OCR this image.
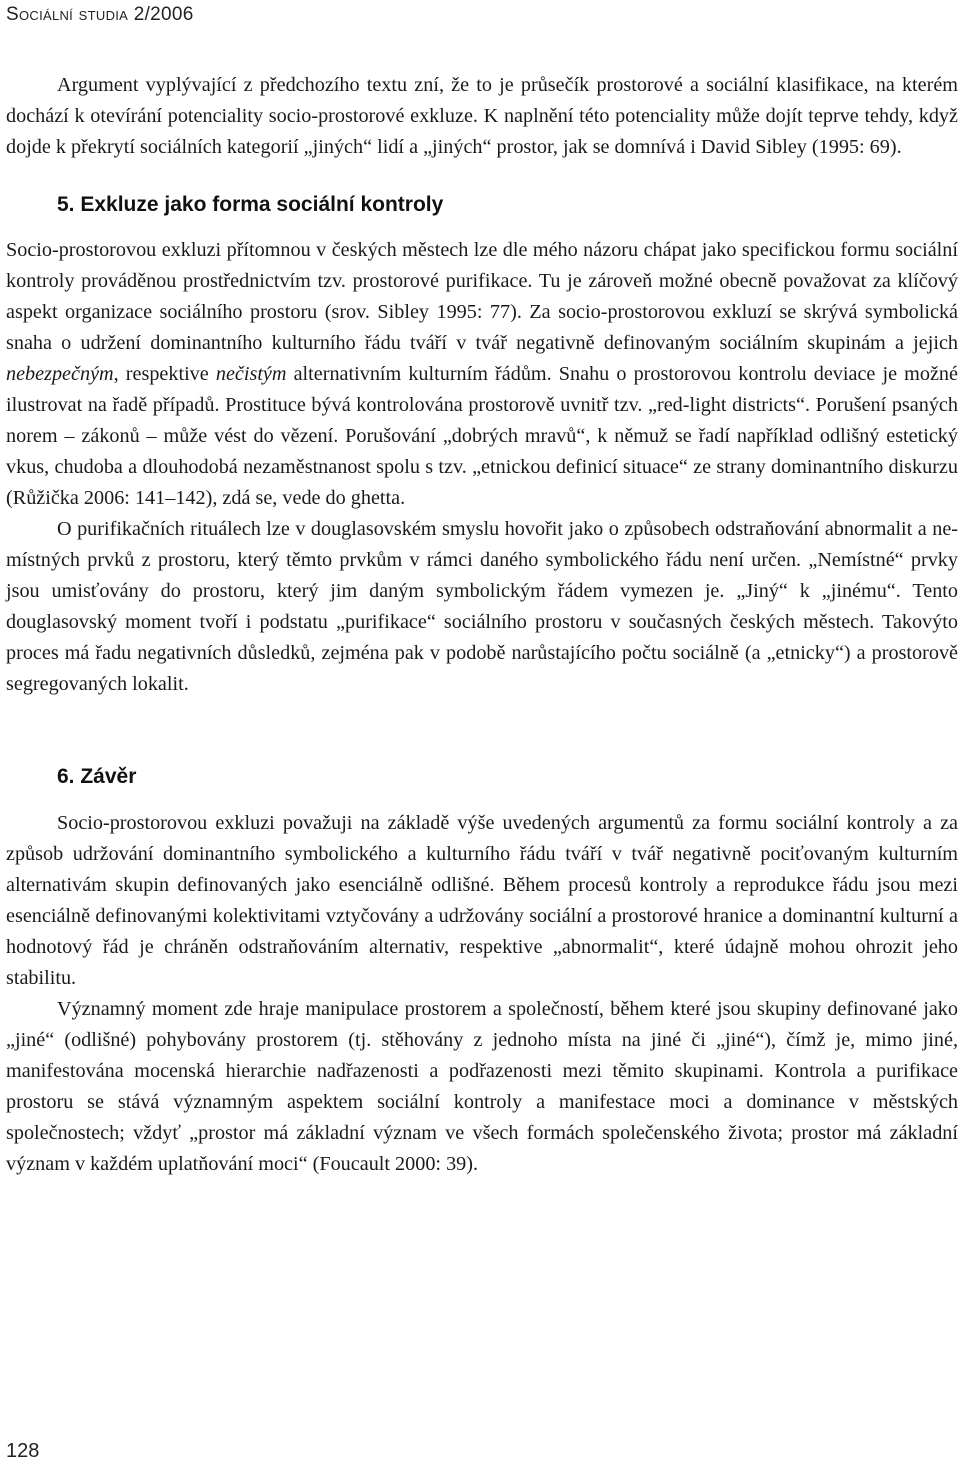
Sociální studia 2/2006

Argument vyplývající z předchozího textu zní, že to je průsečík prostorové a sociální klasifikace, na kterém dochází k otevírání potenciality socio-prostorové exkluze. K naplnění této potenciality může dojít teprve tehdy, když dojde k překrytí sociálních kategorií „jiných“ lidí a „jiných“ prostor, jak se domnívá i David Sibley (1995: 69).

5. Exkluze jako forma sociální kontroly

Socio-prostorovou exkluzi přítomnou v českých městech lze dle mého názoru chápat jako specifickou formu sociální kontroly prováděnou prostřednictvím tzv. prostorové purifikace. Tu je zároveň možné obecně považovat za klíčový aspekt organizace sociálního prostoru (srov. Sibley 1995: 77). Za socio-prostorovou exkluzí se skrývá symbolická snaha o udržení dominantního kulturního řádu tváří v tvář negativně definovaným sociálním skupinám a jejich nebezpečným, respektive nečistým alternativním kulturním řádům. Snahu o prostorovou kontrolu deviace je možné ilustrovat na řadě případů. Prostituce bývá kontrolována prostorově uvnitř tzv. „red-light districts“. Porušení psaných norem – zákonů – může vést do vězení. Porušování „dobrých mravů“, k němuž se řadí například odlišný estetický vkus, chudoba a dlouhodobá nezaměstnanost spolu s tzv. „etnickou definicí situace“ ze strany dominantního diskurzu (Růžička 2006: 141–142), zdá se, vede do ghetta.

O purifikačních rituálech lze v douglasovském smyslu hovořit jako o způsobech odstraňování abnormalit a ne-místných prvků z prostoru, který těmto prvkům v rámci daného symbolického řádu není určen. „Nemístné“ prvky jsou umisťovány do prostoru, který jim daným symbolickým řádem vymezen je. „Jiný“ k „jinému“. Tento douglasovský moment tvoří i podstatu „purifikace“ sociálního prostoru v současných českých městech. Takovýto proces má řadu negativních důsledků, zejména pak v podobě narůstajícího počtu sociálně (a „etnicky“) a prostorově segregovaných lokalit.

6. Závěr

Socio-prostorovou exkluzi považuji na základě výše uvedených argumentů za formu sociální kontroly a za způsob udržování dominantního symbolického a kulturního řádu tváří v tvář negativně pociťovaným kulturním alternativám skupin definovaných jako esenciálně odlišné. Během procesů kontroly a reprodukce řádu jsou mezi esenciálně definovanými kolektivitami vztyčovány a udržovány sociální a prostorové hranice a dominantní kulturní a hodnotový řád je chráněn odstraňováním alternativ, respektive „abnormalit“, které údajně mohou ohrozit jeho stabilitu.

Významný moment zde hraje manipulace prostorem a společností, během které jsou skupiny definované jako „jiné“ (odlišné) pohybovány prostorem (tj. stěhovány z jednoho místa na jiné či „jiné“), čímž je, mimo jiné, manifestována mocenská hierarchie nadřazenosti a podřazenosti mezi těmito skupinami. Kontrola a purifikace prostoru se stává významným aspektem sociální kontroly a manifestace moci a dominance v městských společnostech; vždyť „prostor má základní význam ve všech formách společenského života; prostor má základní význam v každém uplatňování moci“ (Foucault 2000: 39).

128
